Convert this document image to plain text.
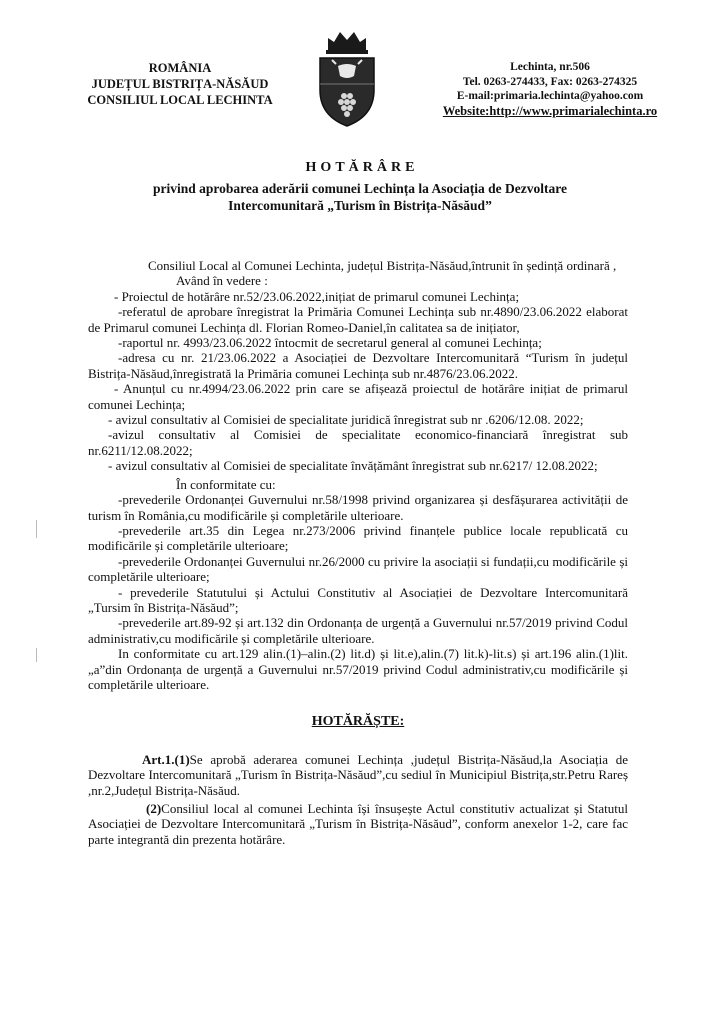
ROMÂNIA
JUDEȚUL BISTRIȚA-NĂSĂUD
CONSILIUL LOCAL LECHINTA
Lechinta, nr.506
Tel. 0263-274433, Fax: 0263-274325
E-mail:primaria.lechinta@yahoo.com
Website:http://www.primarialechinta.ro
HOTĂRÂRE
privind aprobarea aderării comunei Lechința la Asociația de Dezvoltare
Intercomunitară „Turism în Bistrița-Năsăud”

Consiliul Local al Comunei Lechinta, județul Bistrița-Năsăud,întrunit în ședință ordinară ,

Având în vedere :

- Proiectul de hotărâre nr.52/23.06.2022,inițiat de primarul comunei Lechința;

-referatul de aprobare înregistrat la Primăria Comunei Lechința sub nr.4890/23.06.2022 elaborat de Primarul comunei Lechința dl. Florian Romeo-Daniel,în calitatea sa de inițiator,

-raportul nr. 4993/23.06.2022 întocmit de secretarul general al comunei Lechința;

-adresa cu nr. 21/23.06.2022 a Asociației de Dezvoltare Intercomunitară “Turism în județul Bistrița-Năsăud,înregistrată la Primăria comunei Lechința sub nr.4876/23.06.2022.

- Anunțul cu nr.4994/23.06.2022 prin care se afișează proiectul de hotărâre inițiat de primarul comunei Lechința;

- avizul consultativ al Comisiei de specialitate juridică înregistrat sub nr .6206/12.08. 2022;

-avizul consultativ al Comisiei de specialitate economico-financiară înregistrat sub nr.6211/12.08.2022;

- avizul consultativ al Comisiei de specialitate învățământ înregistrat sub nr.6217/ 12.08.2022;

În conformitate cu:

-prevederile Ordonanței Guvernului nr.58/1998 privind organizarea și desfășurarea activității de turism în România,cu modificările și completările ulterioare.

-prevederile art.35 din Legea nr.273/2006 privind finanțele publice locale republicată cu modificările și completările ulterioare;

-prevederile Ordonanței Guvernului nr.26/2000 cu privire la asociații si fundații,cu modificările și completările ulterioare;

- prevederile Statutului și Actului Constitutiv al Asociației de Dezvoltare Intercomunitară „Tursim în Bistrița-Năsăud”;

-prevederile art.89-92 și art.132 din Ordonanța de urgență a Guvernului nr.57/2019 privind Codul administrativ,cu modificările și completările ulterioare.

In conformitate cu art.129 alin.(1)–alin.(2) lit.d) și lit.e),alin.(7) lit.k)-lit.s) și art.196 alin.(1)lit.„a”din Ordonanța de urgență a Guvernului nr.57/2019 privind Codul administrativ,cu modificările și completările ulterioare.

HOTĂRĂȘTE:

Art.1.(1)Se aprobă aderarea comunei Lechința ,județul Bistrița-Năsăud,la Asociația de Dezvoltare Intercomunitară „Turism în Bistrița-Năsăud”,cu sediul în Municipiul Bistrița,str.Petru Rareș ,nr.2,Județul Bistrița-Năsăud.

(2)Consiliul local al comunei Lechinta își însușește Actul constitutiv actualizat și Statutul Asociației de Dezvoltare Intercomunitară „Turism în Bistrița-Năsăud”, conform anexelor 1-2, care fac parte integrantă din prezenta hotărâre.
